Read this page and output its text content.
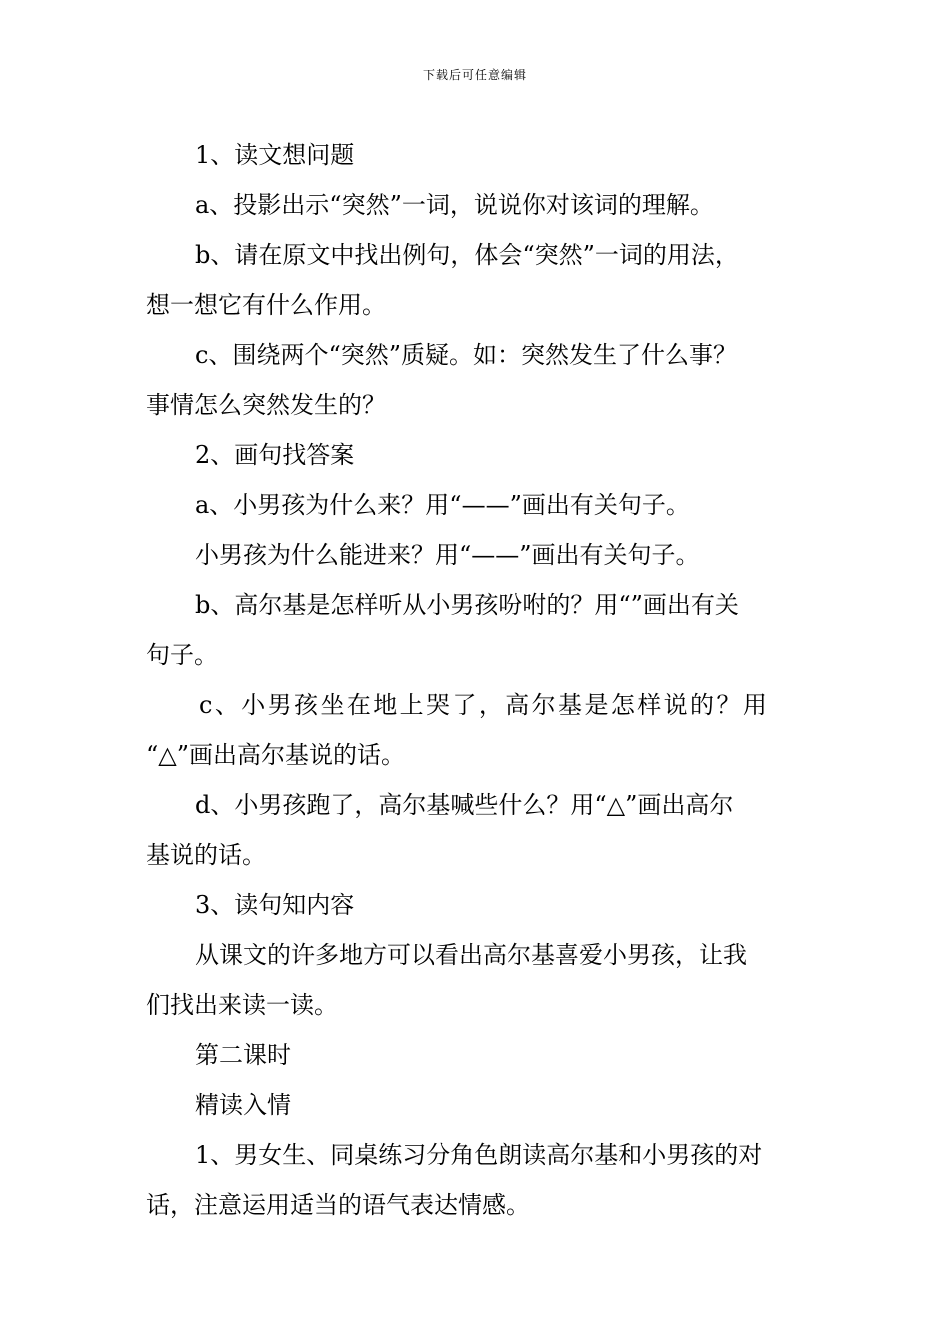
下载后可任意编辑
1、读文想问题
a、投影出示“突然”一词，说说你对该词的理解。
b、请在原文中找出例句，体会“突然”一词的用法，
想一想它有什么作用。
c、围绕两个“突然”质疑。如：突然发生了什么事？
事情怎么突然发生的？
2、画句找答案
a、小男孩为什么来？用“——”画出有关句子。
小男孩为什么能进来？用“——”画出有关句子。
b、高尔基是怎样听从小男孩吩咐的？用“”画出有关
句子。
c、小男孩坐在地上哭了，高尔基是怎样说的？用
“△”画出高尔基说的话。
d、小男孩跑了，高尔基喊些什么？用“△”画出高尔
基说的话。
3、读句知内容
从课文的许多地方可以看出高尔基喜爱小男孩，让我
们找出来读一读。
第二课时
精读入情
1、男女生、同桌练习分角色朗读高尔基和小男孩的对
话，注意运用适当的语气表达情感。
